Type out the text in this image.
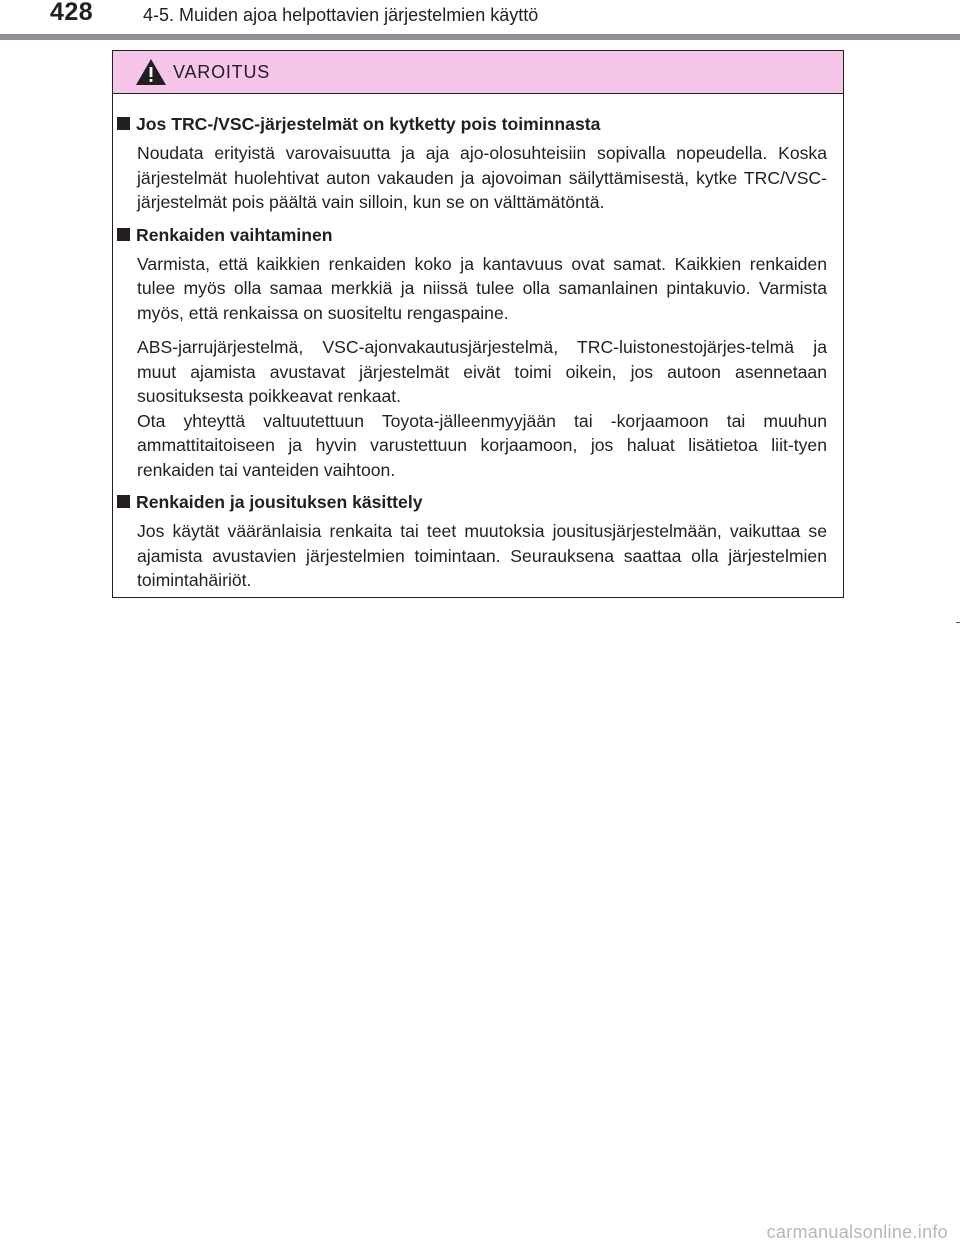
428	4-5. Muiden ajoa helpottavien järjestelmien käyttö
VAROITUS
Jos TRC-/VSC-järjestelmät on kytketty pois toiminnasta
Noudata erityistä varovaisuutta ja aja ajo-olosuhteisiin sopivalla nopeudella. Koska järjestelmät huolehtivat auton vakauden ja ajovoiman säilyttämisestä, kytke TRC/VSC-järjestelmät pois päältä vain silloin, kun se on välttämätöntä.
Renkaiden vaihtaminen
Varmista, että kaikkien renkaiden koko ja kantavuus ovat samat. Kaikkien renkaiden tulee myös olla samaa merkkiä ja niissä tulee olla samanlainen pintakuvio. Varmista myös, että renkaissa on suositeltu rengaspaine.
ABS-jarrujärjestelmä, VSC-ajonvakautusjärjestelmä, TRC-luistonestojärjes-telmä ja muut ajamista avustavat järjestelmät eivät toimi oikein, jos autoon asennetaan suosituksesta poikkeavat renkaat.
Ota yhteyttä valtuutettuun Toyota-jälleenmyyjään tai -korjaamoon tai muuhun ammattitaitoiseen ja hyvin varustettuun korjaamoon, jos haluat lisätietoa liit-tyen renkaiden tai vanteiden vaihtoon.
Renkaiden ja jousituksen käsittely
Jos käytät vääränlaisia renkaita tai teet muutoksia jousitusjärjestelmään, vaikuttaa se ajamista avustavien järjestelmien toimintaan. Seurauksena saattaa olla järjestelmien toimintahäiriöt.
carmanualsonline.info
